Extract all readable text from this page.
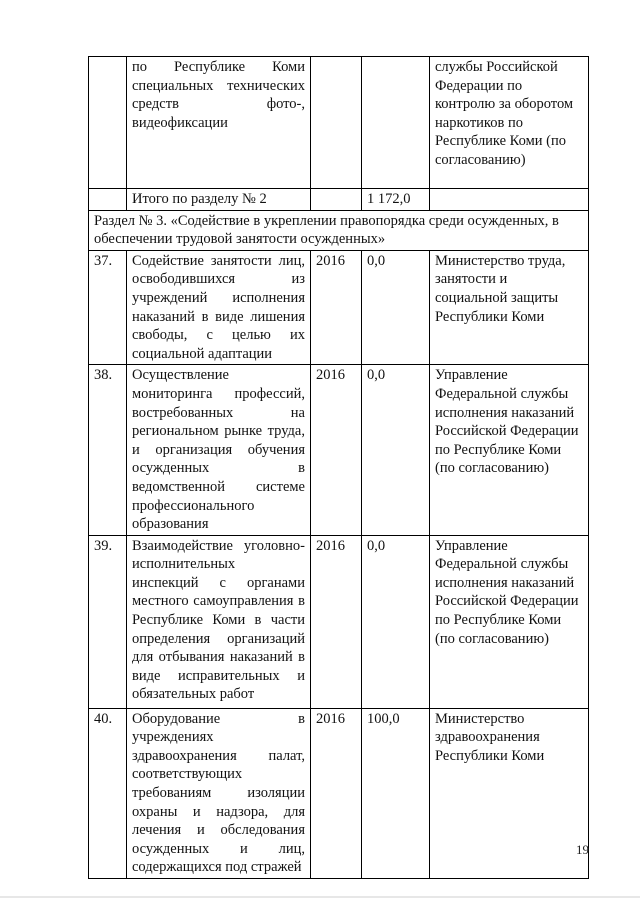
	по Республике Коми специальных технических средств фото-, видеофиксации			службы Российской Федерации по контролю за оборотом наркотиков по Республике Коми (по согласованию)
	Итого по разделу № 2		1 172,0	
Раздел № 3. «Содействие в укреплении правопорядка среди осужденных, в обеспечении трудовой занятости осужденных»				
37.	Содействие занятости лиц, освободившихся из учреждений исполнения наказаний в виде лишения свободы, с целью их социальной адаптации	2016	0,0	Министерство труда, занятости и социальной защиты Республики Коми
38.	Осуществление мониторинга профессий, востребованных на региональном рынке труда, и организация обучения осужденных в ведомственной системе профессионального образования	2016	0,0	Управление Федеральной службы исполнения наказаний Российской Федерации по Республике Коми (по согласованию)
39.	Взаимодействие уголовно-исполнительных инспекций с органами местного самоуправления в Республике Коми в части определения организаций для отбывания наказаний в виде исправительных и обязательных работ	2016	0,0	Управление Федеральной службы исполнения наказаний Российской Федерации по Республике Коми (по согласованию)
40.	Оборудование в учреждениях здравоохранения палат, соответствующих требованиям изоляции охраны и надзора, для лечения и обследования осужденных и лиц, содержащихся под стражей	2016	100,0	Министерство здравоохранения Республики Коми
19
